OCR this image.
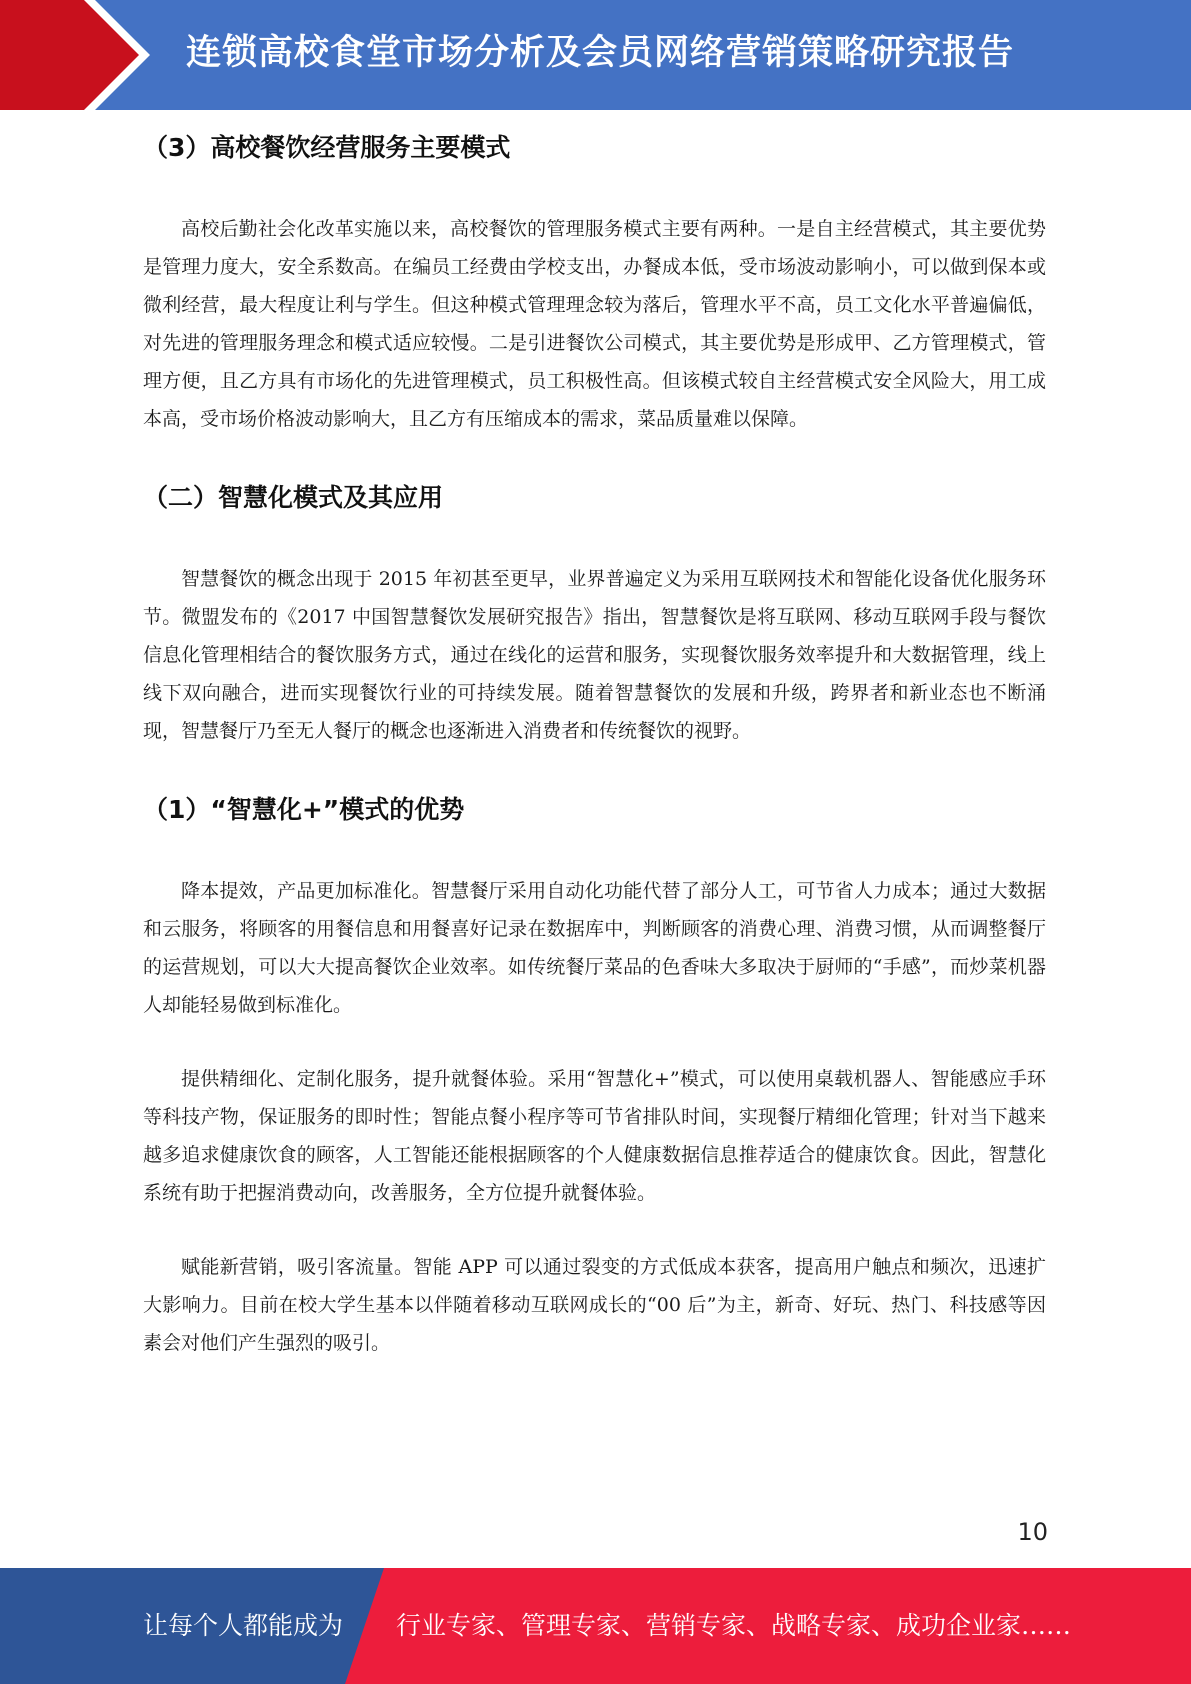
连锁高校食堂市场分析及会员网络营销策略研究报告
（3）高校餐饮经营服务主要模式

高校后勤社会化改革实施以来，高校餐饮的管理服务模式主要有两种。一是自主经营模式，其主要优势是管理力度大，安全系数高。在编员工经费由学校支出，办餐成本低，受市场波动影响小，可以做到保本或微利经营，最大程度让利与学生。但这种模式管理理念较为落后，管理水平不高，员工文化水平普遍偏低，对先进的管理服务理念和模式适应较慢。二是引进餐饮公司模式，其主要优势是形成甲、乙方管理模式，管理方便，且乙方具有市场化的先进管理模式，员工积极性高。但该模式较自主经营模式安全风险大，用工成本高，受市场价格波动影响大，且乙方有压缩成本的需求，菜品质量难以保障。

（二）智慧化模式及其应用

智慧餐饮的概念出现于 2015 年初甚至更早，业界普遍定义为采用互联网技术和智能化设备优化服务环节。微盟发布的《2017 中国智慧餐饮发展研究报告》指出，智慧餐饮是将互联网、移动互联网手段与餐饮信息化管理相结合的餐饮服务方式，通过在线化的运营和服务，实现餐饮服务效率提升和大数据管理，线上线下双向融合，进而实现餐饮行业的可持续发展。随着智慧餐饮的发展和升级，跨界者和新业态也不断涌现，智慧餐厅乃至无人餐厅的概念也逐渐进入消费者和传统餐饮的视野。

（1）“智慧化+”模式的优势

降本提效，产品更加标准化。智慧餐厅采用自动化功能代替了部分人工，可节省人力成本；通过大数据和云服务，将顾客的用餐信息和用餐喜好记录在数据库中，判断顾客的消费心理、消费习惯，从而调整餐厅的运营规划，可以大大提高餐饮企业效率。如传统餐厅菜品的色香味大多取决于厨师的“手感”，而炒菜机器人却能轻易做到标准化。

提供精细化、定制化服务，提升就餐体验。采用“智慧化+”模式，可以使用桌载机器人、智能感应手环等科技产物，保证服务的即时性；智能点餐小程序等可节省排队时间，实现餐厅精细化管理；针对当下越来越多追求健康饮食的顾客，人工智能还能根据顾客的个人健康数据信息推荐适合的健康饮食。因此，智慧化系统有助于把握消费动向，改善服务，全方位提升就餐体验。

赋能新营销，吸引客流量。智能 APP 可以通过裂变的方式低成本获客，提高用户触点和频次，迅速扩大影响力。目前在校大学生基本以伴随着移动互联网成长的“00 后”为主，新奇、好玩、热门、科技感等因素会对他们产生强烈的吸引。

10
让每个人都能成为 行业专家、管理专家、营销专家、战略专家、成功企业家……
